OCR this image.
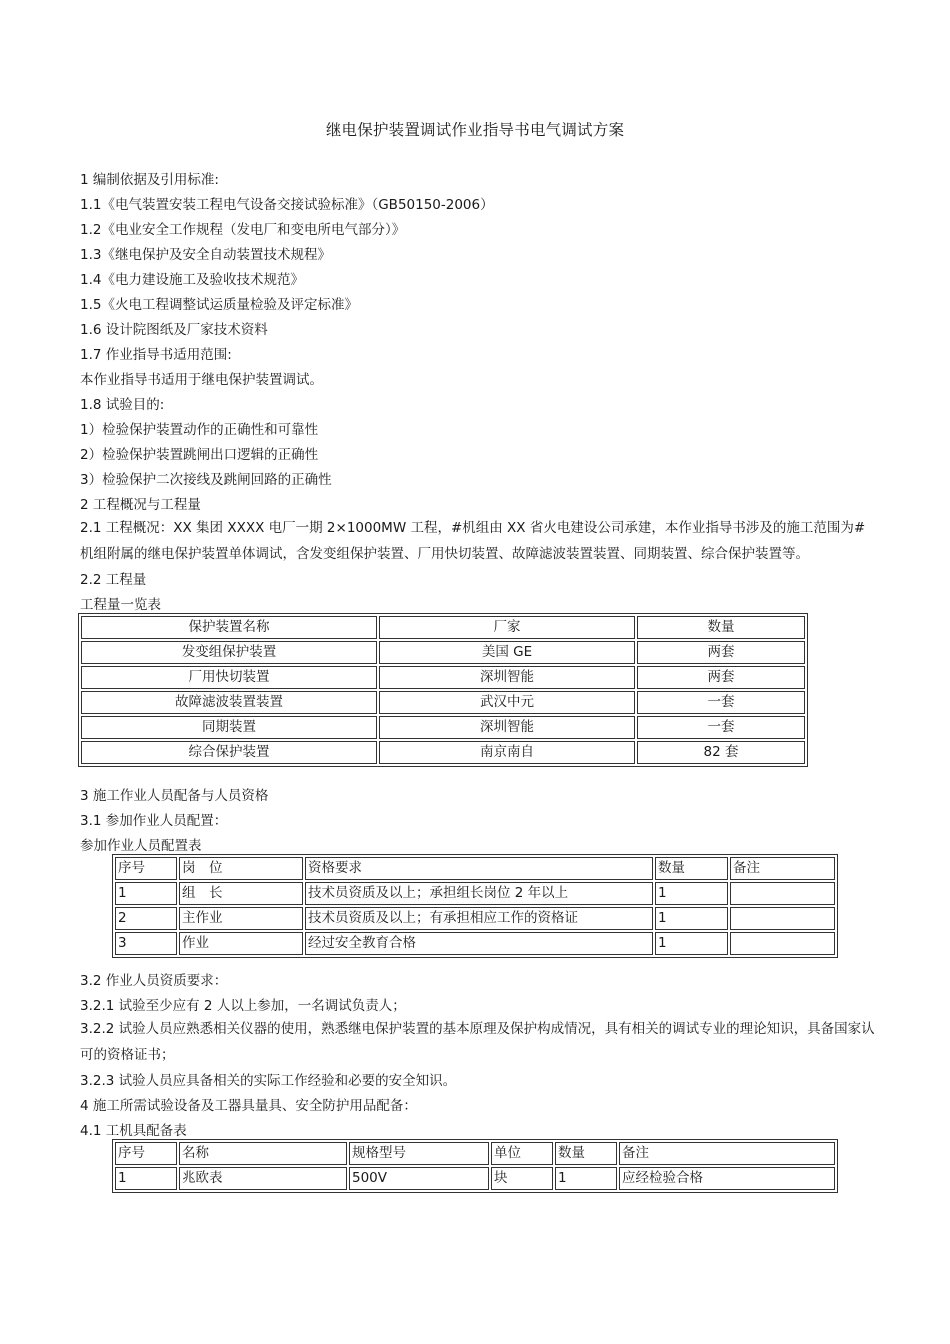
继电保护装置调试作业指导书电气调试方案
1 编制依据及引用标准:
1.1《电气装置安装工程电气设备交接试验标准》（GB50150-2006）
1.2《电业安全工作规程（发电厂和变电所电气部分）》
1.3《继电保护及安全自动装置技术规程》
1.4《电力建设施工及验收技术规范》
1.5《火电工程调整试运质量检验及评定标准》
1.6 设计院图纸及厂家技术资料
1.7 作业指导书适用范围:
本作业指导书适用于继电保护装置调试。
1.8 试验目的:
1）检验保护装置动作的正确性和可靠性
2）检验保护装置跳闸出口逻辑的正确性
3）检验保护二次接线及跳闸回路的正确性
2 工程概况与工程量
2.1 工程概况：XX 集团 XXXX 电厂一期 2×1000MW 工程，#机组由 XX 省火电建设公司承建，本作业指导书涉及的施工范围为#机组附属的继电保护装置单体调试，含发变组保护装置、厂用快切装置、故障滤波装置装置、同期装置、综合保护装置等。
2.2 工程量
工程量一览表
保护装置名称	厂家	数量
发变组保护装置	美国 GE	两套
厂用快切装置	深圳智能	两套
故障滤波装置装置	武汉中元	一套
同期装置	深圳智能	一套
综合保护装置	南京南自	82 套
3 施工作业人员配备与人员资格
3.1 参加作业人员配置：
参加作业人员配置表
序号	岗　位	资格要求	数量	备注
1	组　长	技术员资质及以上；承担组长岗位 2 年以上	1	
2	主作业	技术员资质及以上；有承担相应工作的资格证	1	
3	作业	经过安全教育合格	1	
3.2 作业人员资质要求：
3.2.1 试验至少应有 2 人以上参加，一名调试负责人；
3.2.2 试验人员应熟悉相关仪器的使用，熟悉继电保护装置的基本原理及保护构成情况，具有相关的调试专业的理论知识，具备国家认可的资格证书；
3.2.3 试验人员应具备相关的实际工作经验和必要的安全知识。
4 施工所需试验设备及工器具量具、安全防护用品配备：
4.1 工机具配备表
序号	名称	规格型号	单位	数量	备注
1	兆欧表	500V	块	1	应经检验合格
